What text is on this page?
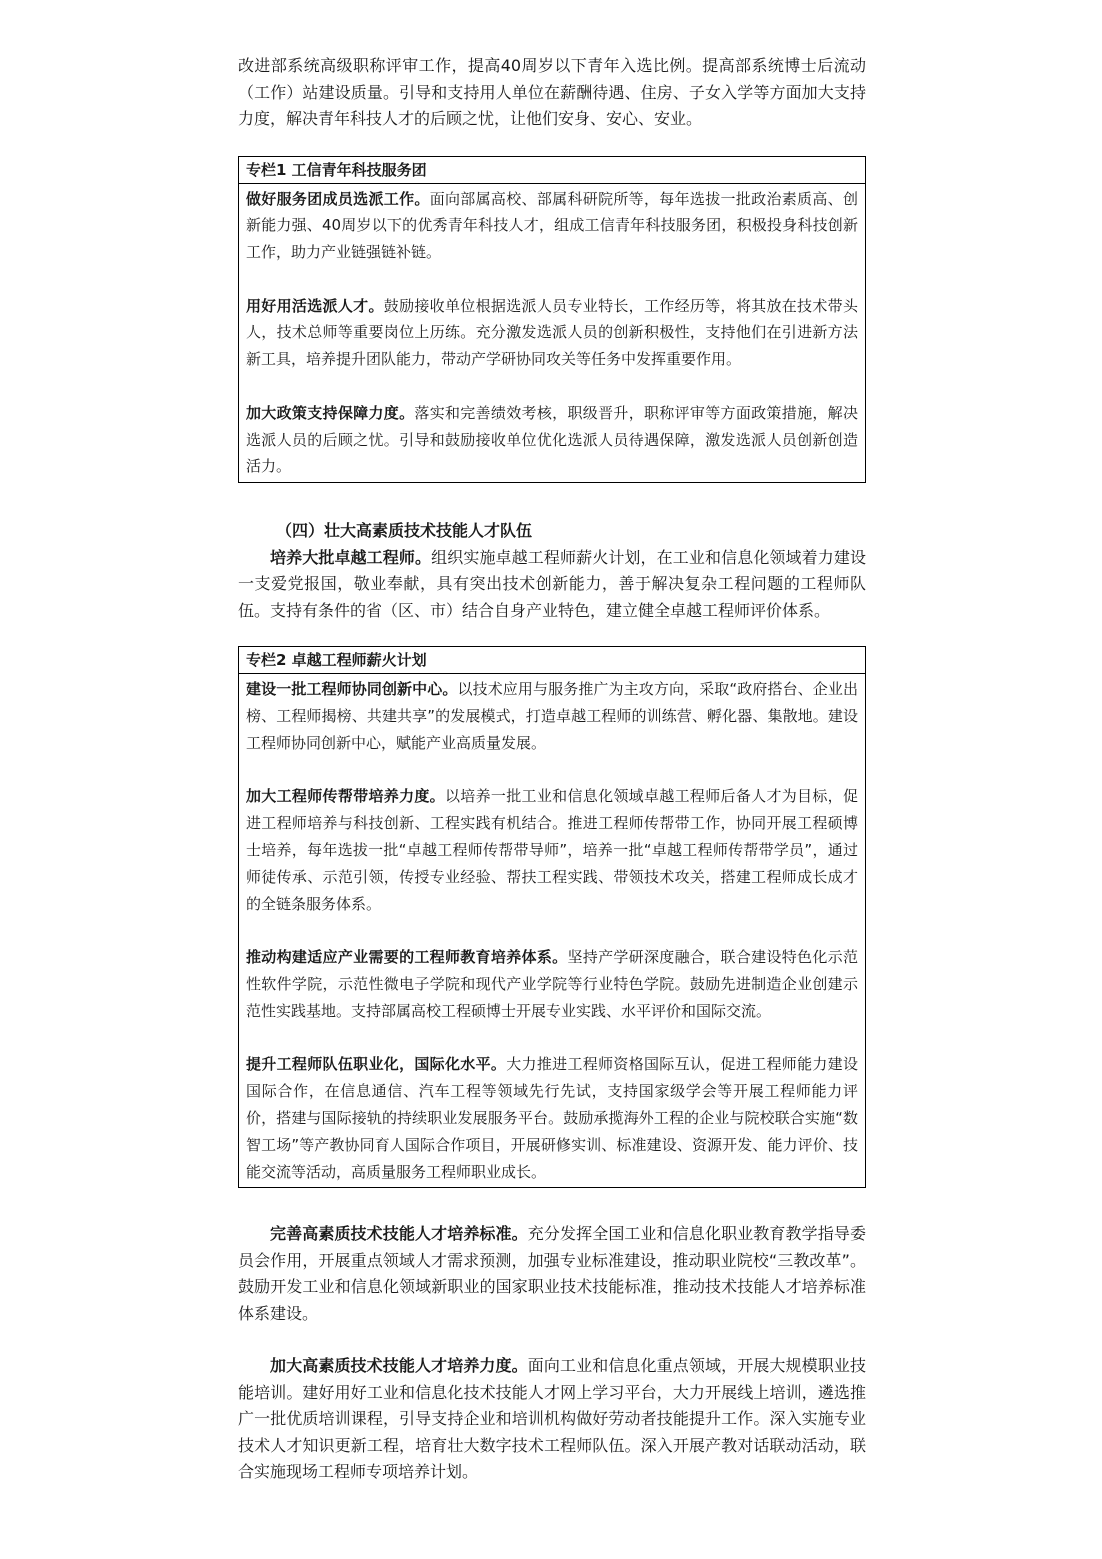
改进部系统高级职称评审工作，提高40周岁以下青年入选比例。提高部系统博士后流动（工作）站建设质量。引导和支持用人单位在薪酬待遇、住房、子女入学等方面加大支持力度，解决青年科技人才的后顾之忧，让他们安身、安心、安业。

专栏1 工信青年科技服务团

做好服务团成员选派工作。面向部属高校、部属科研院所等，每年选拔一批政治素质高、创新能力强、40周岁以下的优秀青年科技人才，组成工信青年科技服务团，积极投身科技创新工作，助力产业链强链补链。

用好用活选派人才。鼓励接收单位根据选派人员专业特长，工作经历等，将其放在技术带头人，技术总师等重要岗位上历练。充分激发选派人员的创新积极性，支持他们在引进新方法新工具，培养提升团队能力，带动产学研协同攻关等任务中发挥重要作用。

加大政策支持保障力度。落实和完善绩效考核，职级晋升，职称评审等方面政策措施，解决选派人员的后顾之忧。引导和鼓励接收单位优化选派人员待遇保障，激发选派人员创新创造活力。

（四）壮大高素质技术技能人才队伍

培养大批卓越工程师。组织实施卓越工程师薪火计划，在工业和信息化领域着力建设一支爱党报国，敬业奉献，具有突出技术创新能力，善于解决复杂工程问题的工程师队伍。支持有条件的省（区、市）结合自身产业特色，建立健全卓越工程师评价体系。

专栏2 卓越工程师薪火计划

建设一批工程师协同创新中心。以技术应用与服务推广为主攻方向，采取“政府搭台、企业出榜、工程师揭榜、共建共享”的发展模式，打造卓越工程师的训练营、孵化器、集散地。建设工程师协同创新中心，赋能产业高质量发展。

加大工程师传帮带培养力度。以培养一批工业和信息化领域卓越工程师后备人才为目标，促进工程师培养与科技创新、工程实践有机结合。推进工程师传帮带工作，协同开展工程硕博士培养，每年选拔一批“卓越工程师传帮带导师”，培养一批“卓越工程师传帮带学员”，通过师徒传承、示范引领，传授专业经验、帮扶工程实践、带领技术攻关，搭建工程师成长成才的全链条服务体系。

推动构建适应产业需要的工程师教育培养体系。坚持产学研深度融合，联合建设特色化示范性软件学院，示范性微电子学院和现代产业学院等行业特色学院。鼓励先进制造企业创建示范性实践基地。支持部属高校工程硕博士开展专业实践、水平评价和国际交流。

提升工程师队伍职业化，国际化水平。大力推进工程师资格国际互认，促进工程师能力建设国际合作，在信息通信、汽车工程等领域先行先试，支持国家级学会等开展工程师能力评价，搭建与国际接轨的持续职业发展服务平台。鼓励承揽海外工程的企业与院校联合实施“数智工场”等产教协同育人国际合作项目，开展研修实训、标准建设、资源开发、能力评价、技能交流等活动，高质量服务工程师职业成长。

完善高素质技术技能人才培养标准。充分发挥全国工业和信息化职业教育教学指导委员会作用，开展重点领域人才需求预测，加强专业标准建设，推动职业院校“三教改革”。鼓励开发工业和信息化领域新职业的国家职业技术技能标准，推动技术技能人才培养标准体系建设。

加大高素质技术技能人才培养力度。面向工业和信息化重点领域，开展大规模职业技能培训。建好用好工业和信息化技术技能人才网上学习平台，大力开展线上培训，遴选推广一批优质培训课程，引导支持企业和培训机构做好劳动者技能提升工作。深入实施专业技术人才知识更新工程，培育壮大数字技术工程师队伍。深入开展产教对话联动活动，联合实施现场工程师专项培养计划。
